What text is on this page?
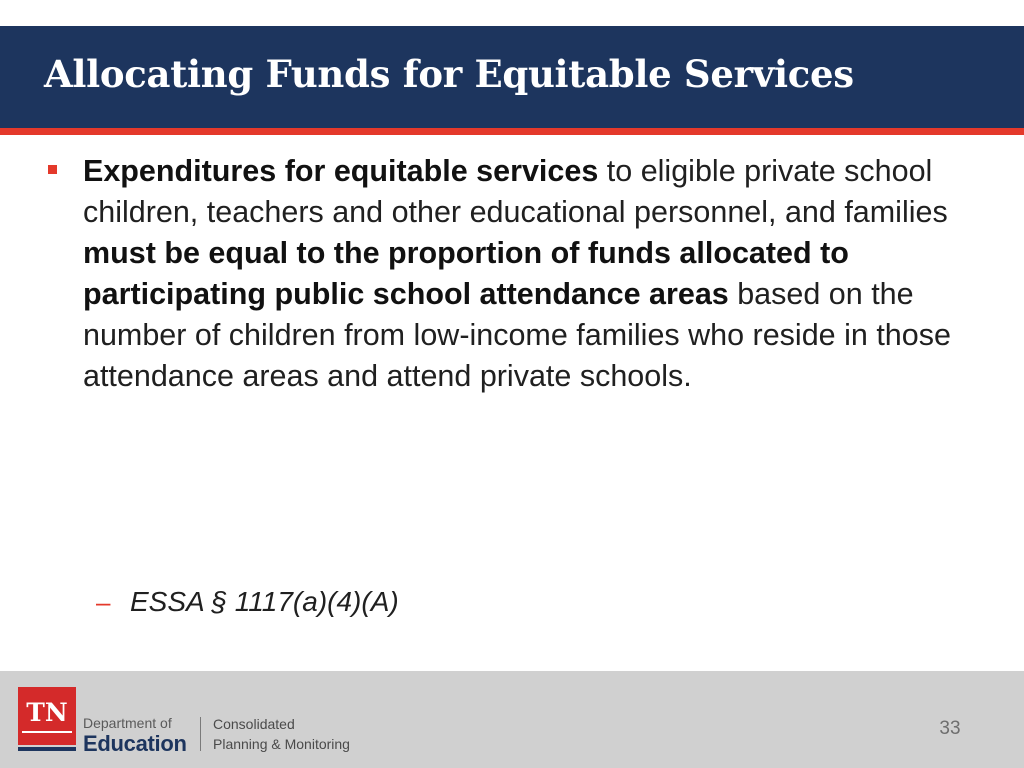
Allocating Funds for Equitable Services
Expenditures for equitable services to eligible private school children, teachers and other educational personnel, and families must be equal to the proportion of funds allocated to participating public school attendance areas based on the number of children from low-income families who reside in those attendance areas and attend private schools.
– ESSA § 1117(a)(4)(A)
TN	Department of
Education
Consolidated
Planning & Monitoring
33
